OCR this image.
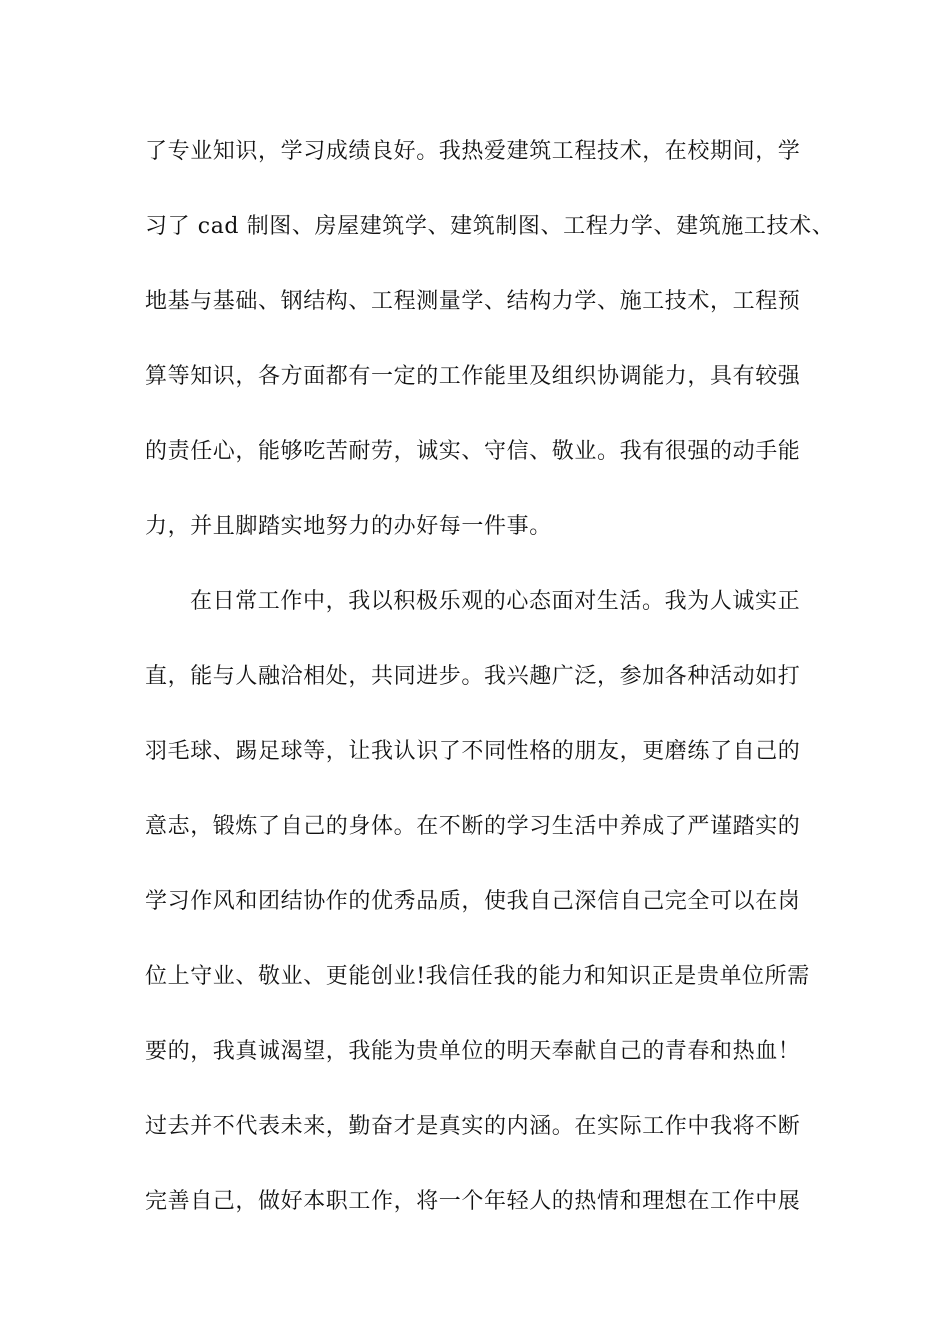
了专业知识，学习成绩良好。我热爱建筑工程技术，在校期间，学
习了 cad 制图、房屋建筑学、建筑制图、工程力学、建筑施工技术、
地基与基础、钢结构、工程测量学、结构力学、施工技术，工程预
算等知识，各方面都有一定的工作能里及组织协调能力，具有较强
的责任心，能够吃苦耐劳，诚实、守信、敬业。我有很强的动手能
力，并且脚踏实地努力的办好每一件事。
在日常工作中，我以积极乐观的心态面对生活。我为人诚实正
直，能与人融洽相处，共同进步。我兴趣广泛，参加各种活动如打
羽毛球、踢足球等，让我认识了不同性格的朋友，更磨练了自己的
意志，锻炼了自己的身体。在不断的学习生活中养成了严谨踏实的
学习作风和团结协作的优秀品质，使我自己深信自己完全可以在岗
位上守业、敬业、更能创业!我信任我的能力和知识正是贵单位所需
要的，我真诚渴望，我能为贵单位的明天奉献自己的青春和热血！
过去并不代表未来，勤奋才是真实的内涵。在实际工作中我将不断
完善自己，做好本职工作，将一个年轻人的热情和理想在工作中展
